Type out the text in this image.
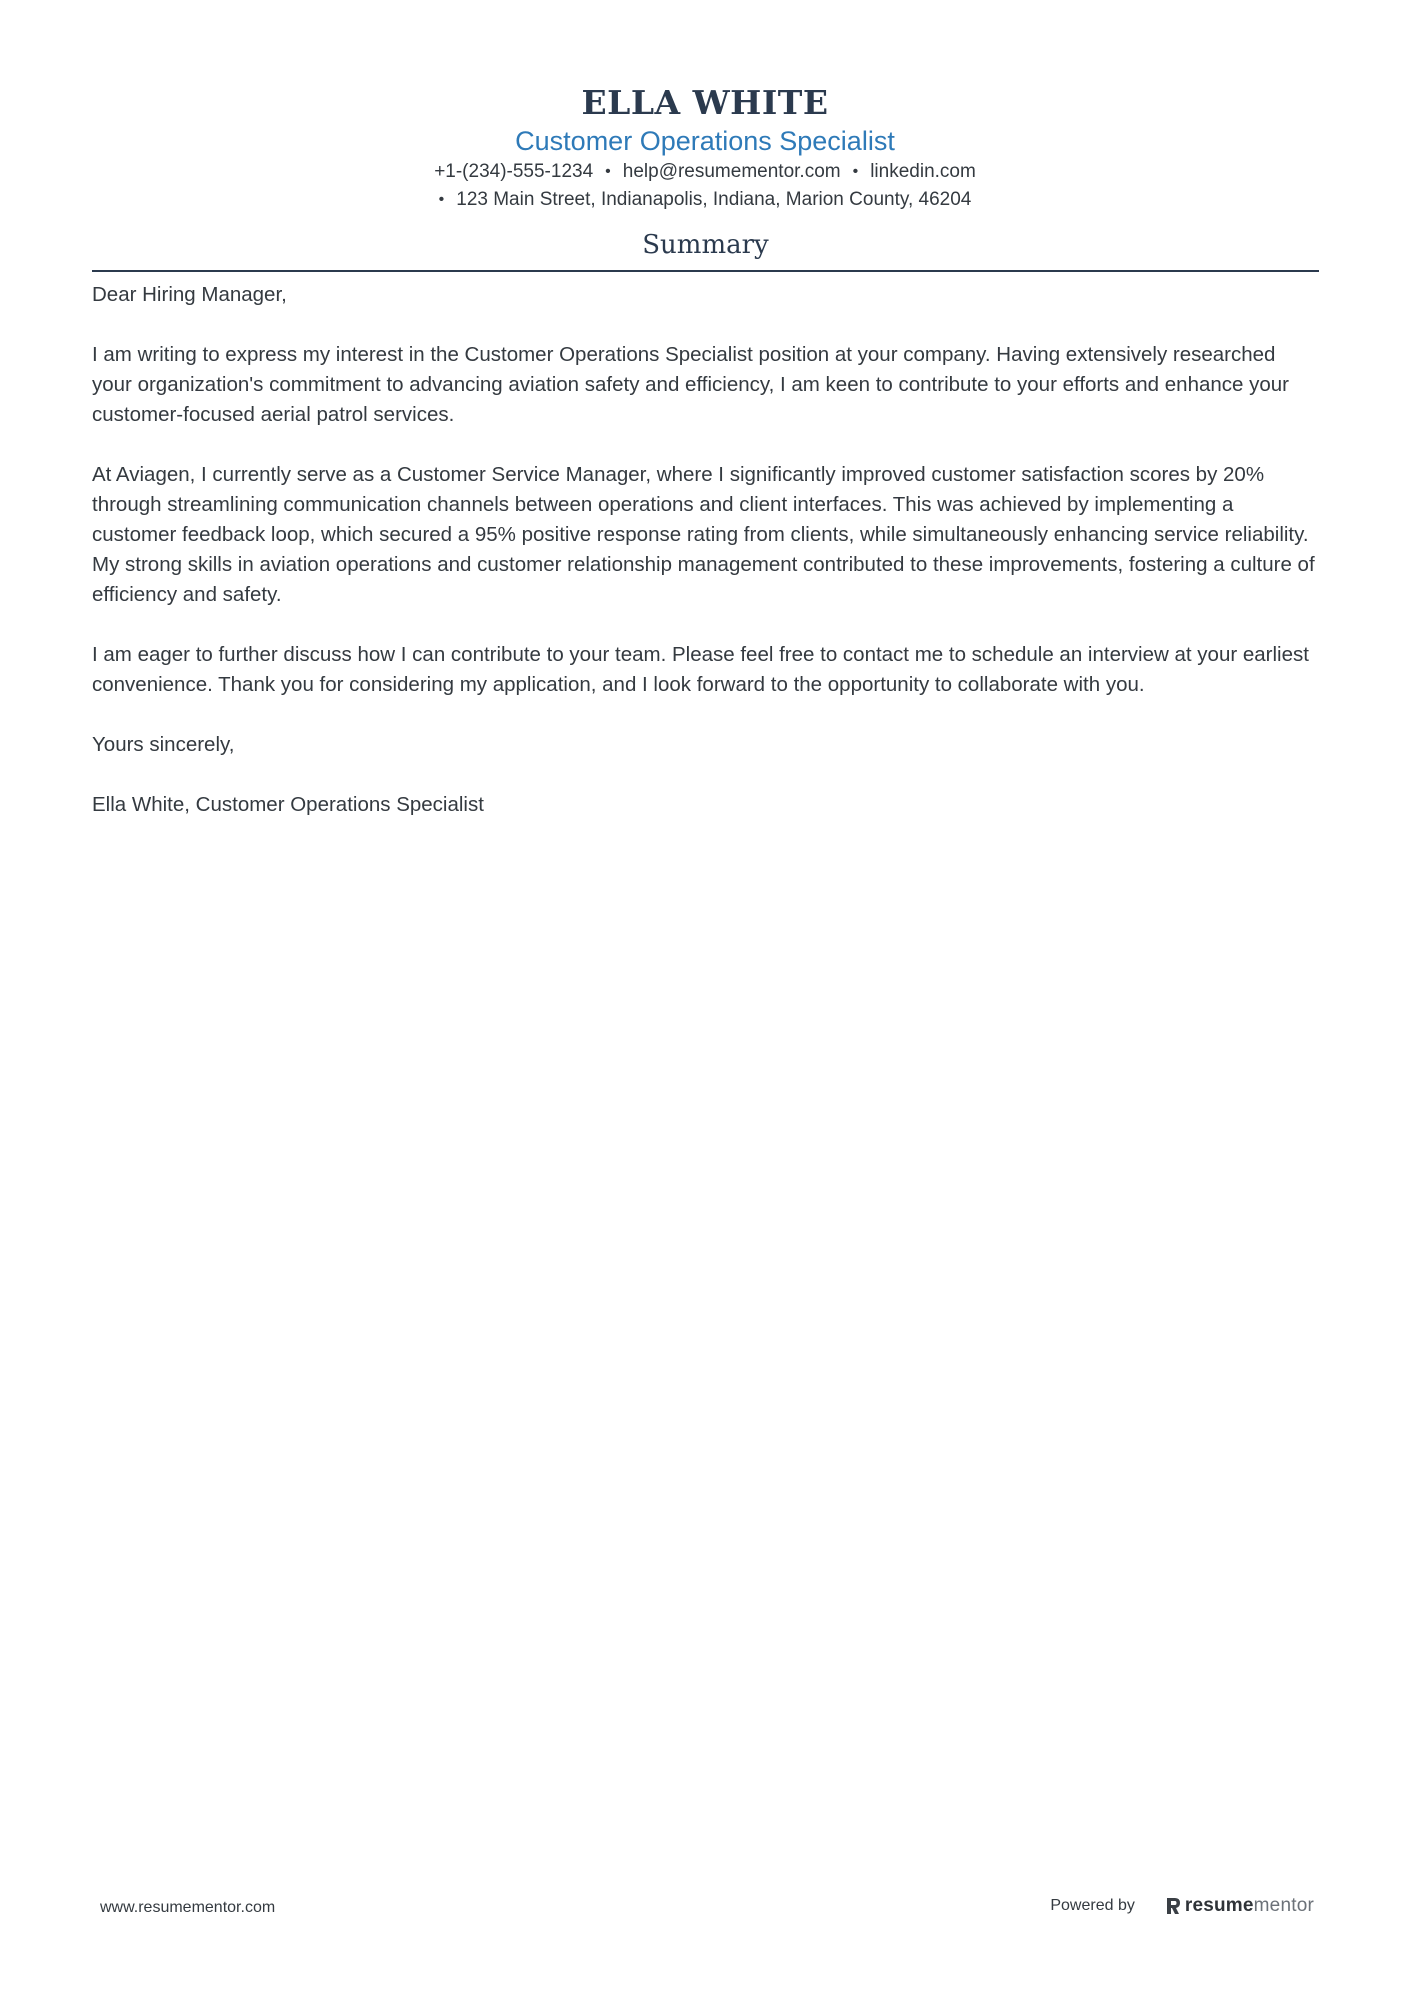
ELLA WHITE
Customer Operations Specialist
+1-(234)-555-1234 • help@resumementor.com • linkedin.com
• 123 Main Street, Indianapolis, Indiana, Marion County, 46204
Summary

Dear Hiring Manager,

I am writing to express my interest in the Customer Operations Specialist position at your company. Having extensively researched your organization's commitment to advancing aviation safety and efficiency, I am keen to contribute to your efforts and enhance your customer-focused aerial patrol services.

At Aviagen, I currently serve as a Customer Service Manager, where I significantly improved customer satisfaction scores by 20% through streamlining communication channels between operations and client interfaces. This was achieved by implementing a customer feedback loop, which secured a 95% positive response rating from clients, while simultaneously enhancing service reliability. My strong skills in aviation operations and customer relationship management contributed to these improvements, fostering a culture of efficiency and safety.

I am eager to further discuss how I can contribute to your team. Please feel free to contact me to schedule an interview at your earliest convenience. Thank you for considering my application, and I look forward to the opportunity to collaborate with you.

Yours sincerely,

Ella White, Customer Operations Specialist

www.resumementor.com	Powered by	resume mentor
